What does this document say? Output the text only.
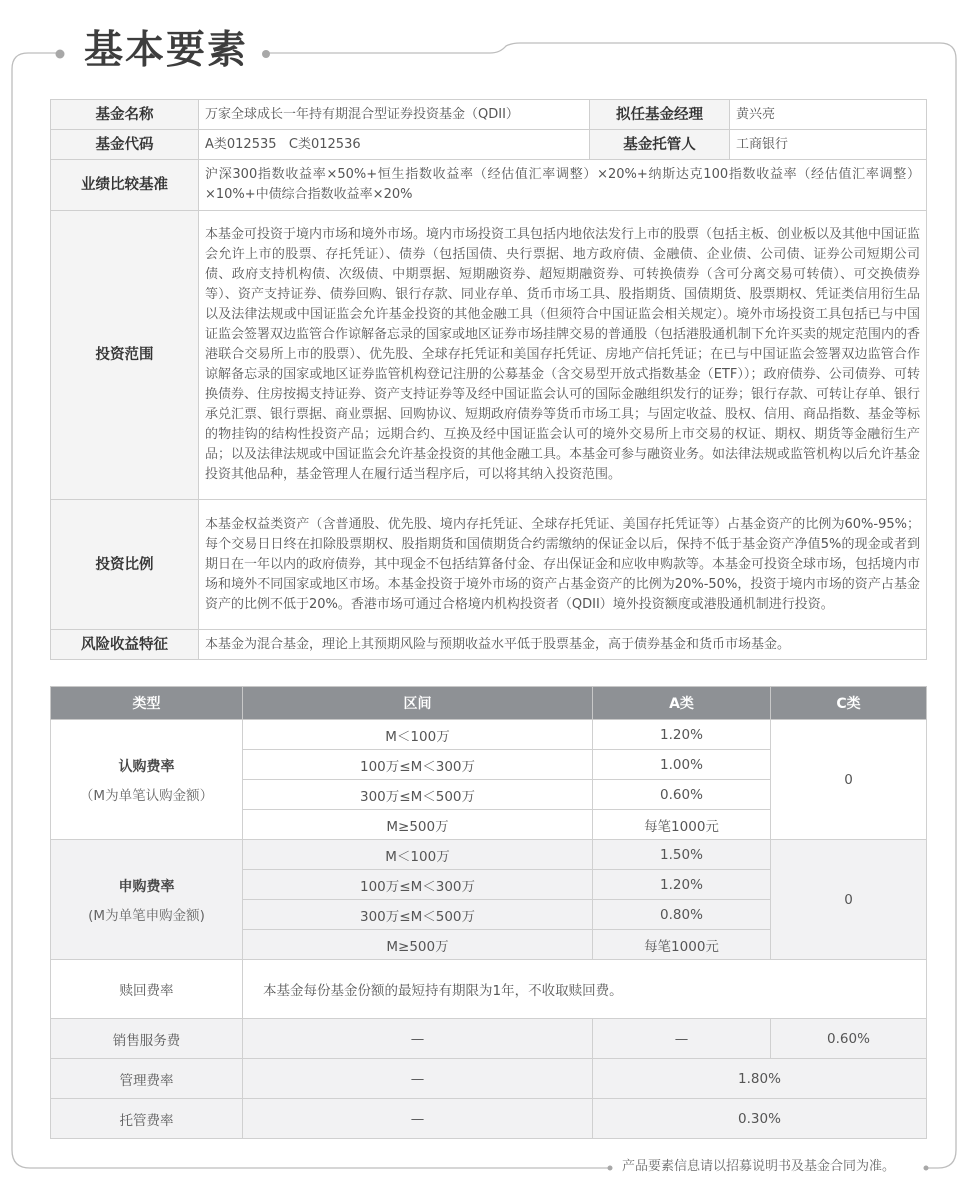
基本要素
基金名称	万家全球成长一年持有期混合型证券投资基金（QDII）	拟任基金经理	黄兴亮
基金代码	A类012535   C类012536	基金托管人	工商银行
业绩比较基准	沪深300指数收益率×50%+恒生指数收益率（经估值汇率调整）×20%+纳斯达克100指数收益率（经估值汇率调整）×10%+中债综合指数收益率×20%		
投资范围	本基金可投资于境内市场和境外市场。境内市场投资工具包括内地依法发行上市的股票（包括主板、创业板以及其他中国证监会允许上市的股票、存托凭证）、债券（包括国债、央行票据、地方政府债、金融债、企业债、公司债、证券公司短期公司债、政府支持机构债、次级债、中期票据、短期融资券、超短期融资券、可转换债券（含可分离交易可转债）、可交换债券等）、资产支持证券、债券回购、银行存款、同业存单、货币市场工具、股指期货、国债期货、股票期权、凭证类信用衍生品以及法律法规或中国证监会允许基金投资的其他金融工具（但须符合中国证监会相关规定）。境外市场投资工具包括已与中国证监会签署双边监管合作谅解备忘录的国家或地区证券市场挂牌交易的普通股（包括港股通机制下允许买卖的规定范围内的香港联合交易所上市的股票）、优先股、全球存托凭证和美国存托凭证、房地产信托凭证；在已与中国证监会签署双边监管合作谅解备忘录的国家或地区证券监管机构登记注册的公募基金（含交易型开放式指数基金（ETF））；政府债券、公司债券、可转换债券、住房按揭支持证券、资产支持证券等及经中国证监会认可的国际金融组织发行的证券；银行存款、可转让存单、银行承兑汇票、银行票据、商业票据、回购协议、短期政府债券等货币市场工具；与固定收益、股权、信用、商品指数、基金等标的物挂钩的结构性投资产品；远期合约、互换及经中国证监会认可的境外交易所上市交易的权证、期权、期货等金融衍生产品；以及法律法规或中国证监会允许基金投资的其他金融工具。本基金可参与融资业务。如法律法规或监管机构以后允许基金投资其他品种，基金管理人在履行适当程序后，可以将其纳入投资范围。		
投资比例	本基金权益类资产（含普通股、优先股、境内存托凭证、全球存托凭证、美国存托凭证等）占基金资产的比例为60%-95%；每个交易日日终在扣除股票期权、股指期货和国债期货合约需缴纳的保证金以后，保持不低于基金资产净值5%的现金或者到期日在一年以内的政府债券，其中现金不包括结算备付金、存出保证金和应收申购款等。本基金可投资全球市场，包括境内市场和境外不同国家或地区市场。本基金投资于境外市场的资产占基金资产的比例为20%-50%，投资于境内市场的资产占基金资产的比例不低于20%。香港市场可通过合格境内机构投资者（QDII）境外投资额度或港股通机制进行投资。		
风险收益特征	本基金为混合基金，理论上其预期风险与预期收益水平低于股票基金，高于债券基金和货币市场基金。		
类型	区间	A类	C类

认购费率
（M为单笔认购金额）	M＜100万	1.20%	0
	100万≤M＜300万	1.00%	
	300万≤M＜500万	0.60%	
	M≥500万	每笔1000元	

申购费率
(M为单笔申购金额)	M＜100万	1.50%	0
	100万≤M＜300万	1.20%	
	300万≤M＜500万	0.80%	
	M≥500万	每笔1000元	
赎回费率	本基金每份基金份额的最短持有期限为1年，不收取赎回费。		
销售服务费	—	—	0.60%
管理费率	—	1.80%	
托管费率	—	0.30%	
产品要素信息请以招募说明书及基金合同为准。
